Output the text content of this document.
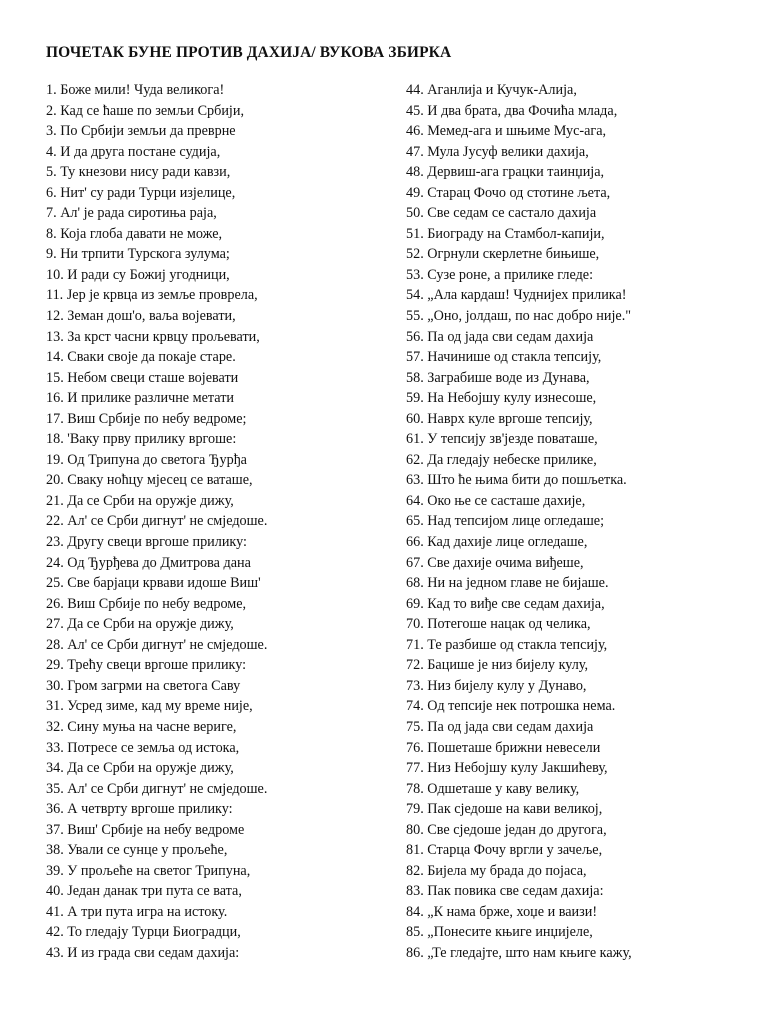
ПОЧЕТАК БУНЕ ПРОТИВ ДАХИЈА/ ВУКОВА ЗБИРКА
1. Боже мили! Чуда великога!
2. Кад се ћаше по земљи Србији,
3. По Србији земљи да преврне
4. И да друга постане судија,
5. Ту кнезови нису ради кавзи,
6. Нит' су ради Турци изјелице,
7. Ал' је рада сиротиња раја,
8. Која глоба давати не може,
9. Ни трпити Турскога зулума;
10. И ради су Божиј угодници,
11. Јер је крвца из земље проврела,
12. Земан дош'о, ваља војевати,
13. За крст часни крвцу прољевати,
14. Сваки своје да покаје старе.
15. Небом свеци сташе војевати
16. И прилике различне метати
17. Виш Србије по небу ведроме;
18. 'Ваку прву прилику вргоше:
19. Од Трипуна до светога Ђурђа
20. Сваку ноћцу мјесец се ваташе,
21. Да се Срби на оружје дижу,
22. Ал' се Срби дигнут' не смједоше.
23. Другу свеци вргоше прилику:
24. Од Ђурђева до Дмитрова дана
25. Све барјаци крвави идоше Виш'
26. Виш Србије по небу ведроме,
27. Да се Срби на оружје дижу,
28. Ал' се Срби дигнут' не смједоше.
29. Трећу свеци вргоше прилику:
30. Гром загрми на светога Саву
31. Усред зиме, кад му време није,
32. Сину муња на часне вериге,
33. Потресе се земља од истока,
34. Да се Срби на оружје дижу,
35. Ал' се Срби дигнут' не смједоше.
36. А четврту вргоше прилику:
37. Виш' Србије на небу ведроме
38. Ували се сунце у прољеће,
39. У прољеће на светог Трипуна,
40. Један данак три пута се вата,
41. А три пута игра на истоку.
42. То гледају Турци Биоградци,
43. И из града сви седам дахија:
44. Аганлија и Кучук-Алија,
45. И два брата, два Фочића млада,
46. Мемед-ага и шњиме Мус-ага,
47. Мула Јусуф велики дахија,
48. Дервиш-ага грацки таинџија,
49. Старац Фочо од стотине љета,
50. Све седам се састало дахија
51. Биограду на Стамбол-капији,
52. Огрнули скерлетне бињише,
53. Сузе роне, а прилике гледе:
54. „Ала кардаш! Чуднијех прилика!
55. „Оно, јолдаш, по нас добро није."
56. Па од јада сви седам дахија
57. Начинише од стакла тепсију,
58. Заграбише воде из Дунава,
59. На Небојшу кулу изнесоше,
60. Наврх куле вргоше тепсију,
61. У тепсију зв'језде поваташе,
62. Да гледају небеске прилике,
63. Што ће њима бити до пошљетка.
64. Око ње се састаше дахије,
65. Над тепсијом лице огледаше;
66. Кад дахије лице огледаше,
67. Све дахије очима виђеше,
68. Ни на једном главе не бијаше.
69. Кад то виђе све седам дахија,
70. Потегоше нацак од челика,
71. Те разбише од стакла тепсију,
72. Бацише је низ бијелу кулу,
73. Низ бијелу кулу у Дунаво,
74. Од тепсије нек потрошка нема.
75. Па од јада сви седам дахија
76. Пошеташе брижни невесели
77. Низ Небојшу кулу Јакшићеву,
78. Одшеташе у каву велику,
79. Пак сједоше на кави великој,
80. Све сједоше један до другога,
81. Старца Фочу вргли у зачеље,
82. Бијела му брада до појаса,
83. Пак повика све седам дахија:
84. „К нама брже, хоџе и ваизи!
85. „Понесите књиге инџијеле,
86. „Те гледајте, што нам књиге кажу,
